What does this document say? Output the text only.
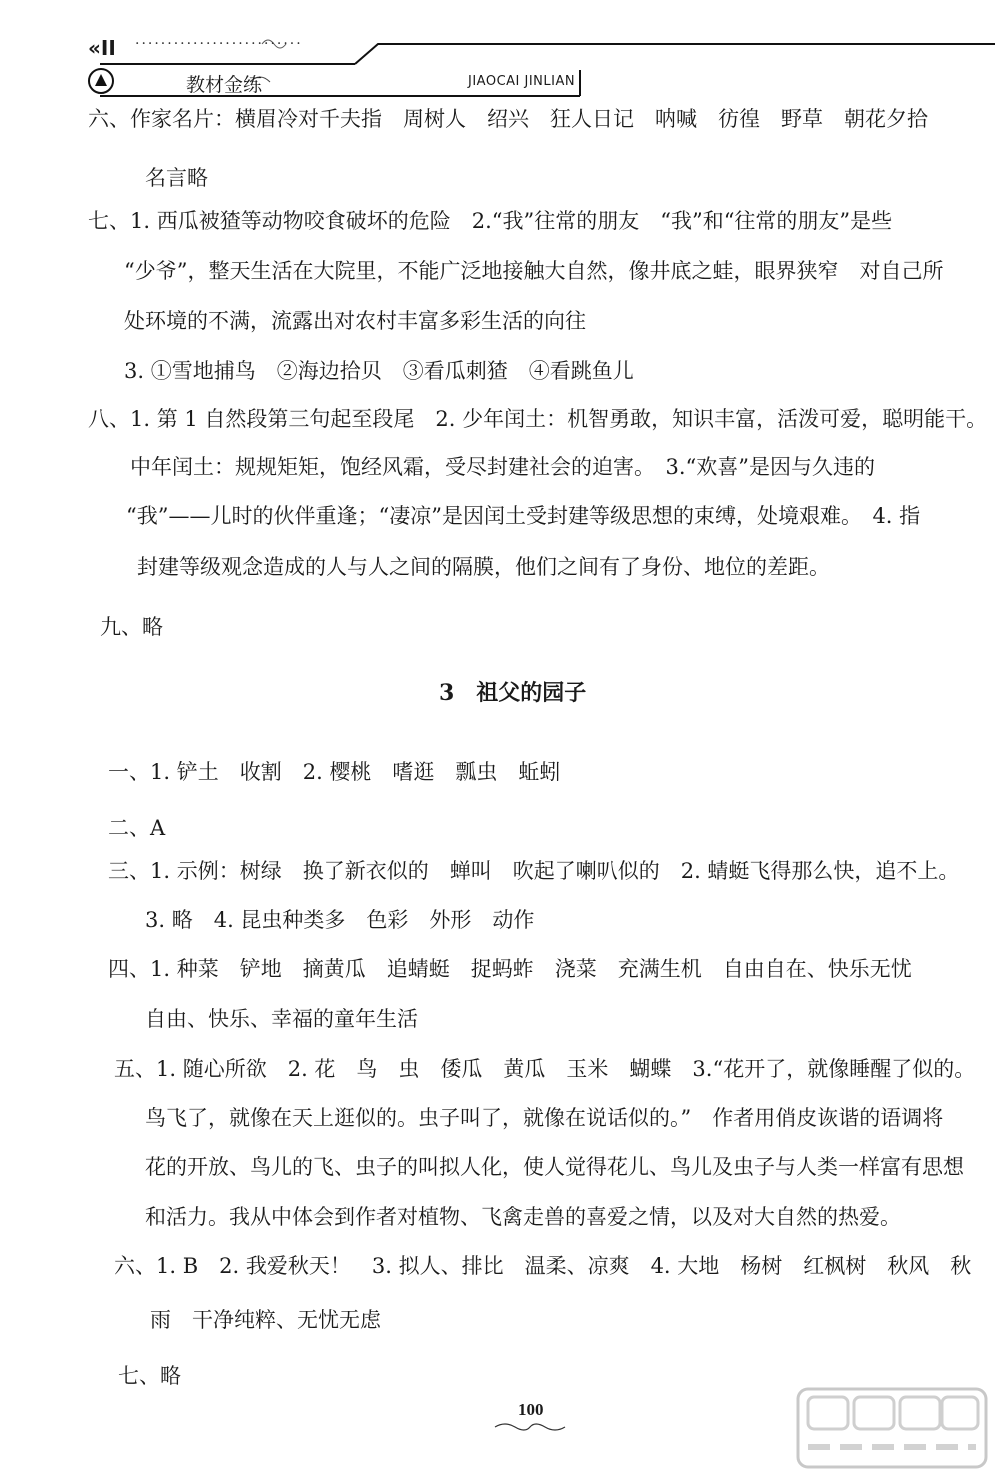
«II ··························
教材金练	JIAOCAI JINLIAN
六、作家名片：横眉冷对千夫指　周树人　绍兴　狂人日记　呐喊　彷徨　野草　朝花夕拾
名言略
七、1. 西瓜被猹等动物咬食破坏的危险　2.“我”往常的朋友　“我”和“往常的朋友”是些
“少爷”，整天生活在大院里，不能广泛地接触大自然，像井底之蛙，眼界狭窄　对自己所
处环境的不满，流露出对农村丰富多彩生活的向往
3. ①雪地捕鸟　②海边拾贝　③看瓜刺猹　④看跳鱼儿
八、1. 第 1 自然段第三句起至段尾　2. 少年闰土：机智勇敢，知识丰富，活泼可爱，聪明能干。
中年闰土：规规矩矩，饱经风霜，受尽封建社会的迫害。　3.“欢喜”是因与久违的
“我”——儿时的伙伴重逢；“凄凉”是因闰土受封建等级思想的束缚，处境艰难。　4. 指
封建等级观念造成的人与人之间的隔膜，他们之间有了身份、地位的差距。
九、略
3　祖父的园子
一、1. 铲土　收割　2. 樱桃　嗜逛　瓢虫　蚯蚓
二、A
三、1. 示例：树绿　换了新衣似的　蝉叫　吹起了喇叭似的　2. 蜻蜓飞得那么快，追不上。
3. 略　4. 昆虫种类多　色彩　外形　动作
四、1. 种菜　铲地　摘黄瓜　追蜻蜓　捉蚂蚱　浇菜　充满生机　自由自在、快乐无忧
自由、快乐、幸福的童年生活
五、1. 随心所欲　2. 花　鸟　虫　倭瓜　黄瓜　玉米　蝴蝶　3.“花开了，就像睡醒了似的。
鸟飞了，就像在天上逛似的。虫子叫了，就像在说话似的。”　作者用俏皮诙谐的语调将
花的开放、鸟儿的飞、虫子的叫拟人化，使人觉得花儿、鸟儿及虫子与人类一样富有思想
和活力。我从中体会到作者对植物、飞禽走兽的喜爱之情，以及对大自然的热爱。
六、1. B　2. 我爱秋天！　3. 拟人、排比　温柔、凉爽　4. 大地　杨树　红枫树　秋风　秋
雨　干净纯粹、无忧无虑
七、略
100
